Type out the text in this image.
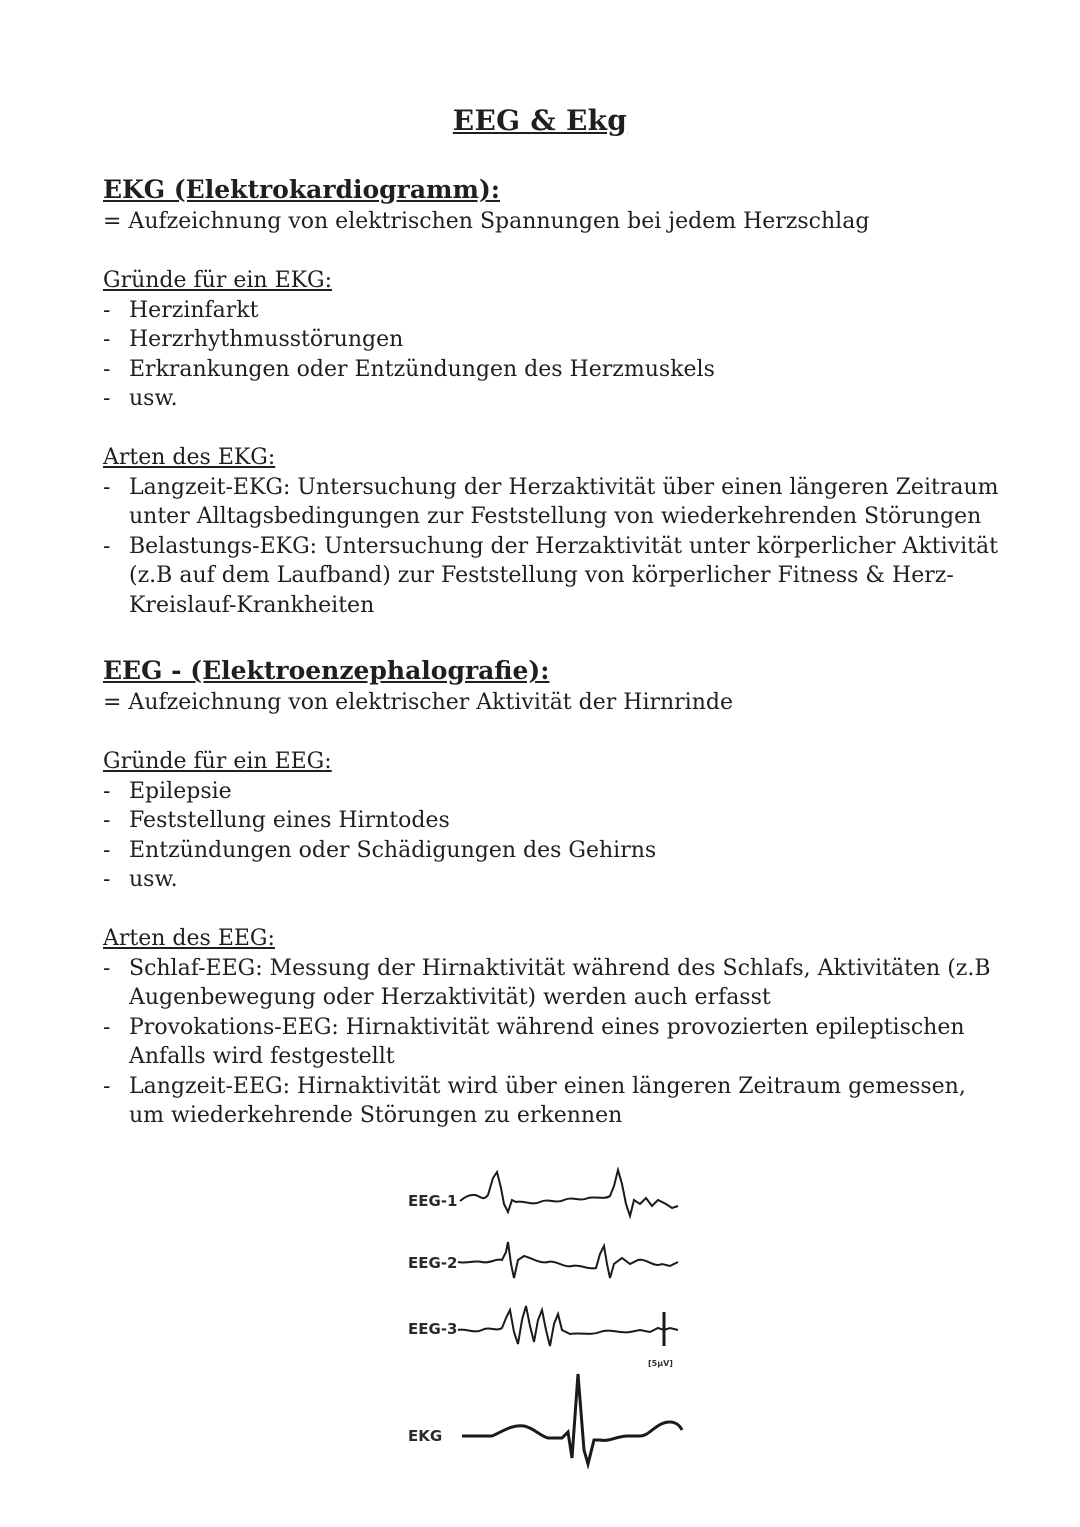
EEG & Ekg

EKG (Elektrokardiogramm):

= Aufzeichnung von elektrischen Spannungen bei jedem Herzschlag

Gründe für ein EKG:

- Herzinfarkt
- Herzrhythmusstörungen
- Erkrankungen oder Entzündungen des Herzmuskels
- usw.

Arten des EKG:

- Langzeit-EKG: Untersuchung der Herzaktivität über einen längeren Zeitraum unter Alltagsbedingungen zur Feststellung von wiederkehrenden Störungen
- Belastungs-EKG: Untersuchung der Herzaktivität unter körperlicher Aktivität (z.B auf dem Laufband) zur Feststellung von körperlicher Fitness & Herz-Kreislauf-Krankheiten

EEG - (Elektroenzephalografie):

= Aufzeichnung von elektrischer Aktivität der Hirnrinde

Gründe für ein EEG:

- Epilepsie
- Feststellung eines Hirntodes
- Entzündungen oder Schädigungen des Gehirns
- usw.

Arten des EEG:

- Schlaf-EEG: Messung der Hirnaktivität während des Schlafs, Aktivitäten (z.B Augenbewegung oder Herzaktivität) werden auch erfasst
- Provokations-EEG: Hirnaktivität während eines provozierten epileptischen Anfalls wird festgestellt
- Langzeit-EEG: Hirnaktivität wird über einen längeren Zeitraum gemessen, um wiederkehrende Störungen zu erkennen
EEG-1
EEG-2
EEG-3
[5µV]
EKG
